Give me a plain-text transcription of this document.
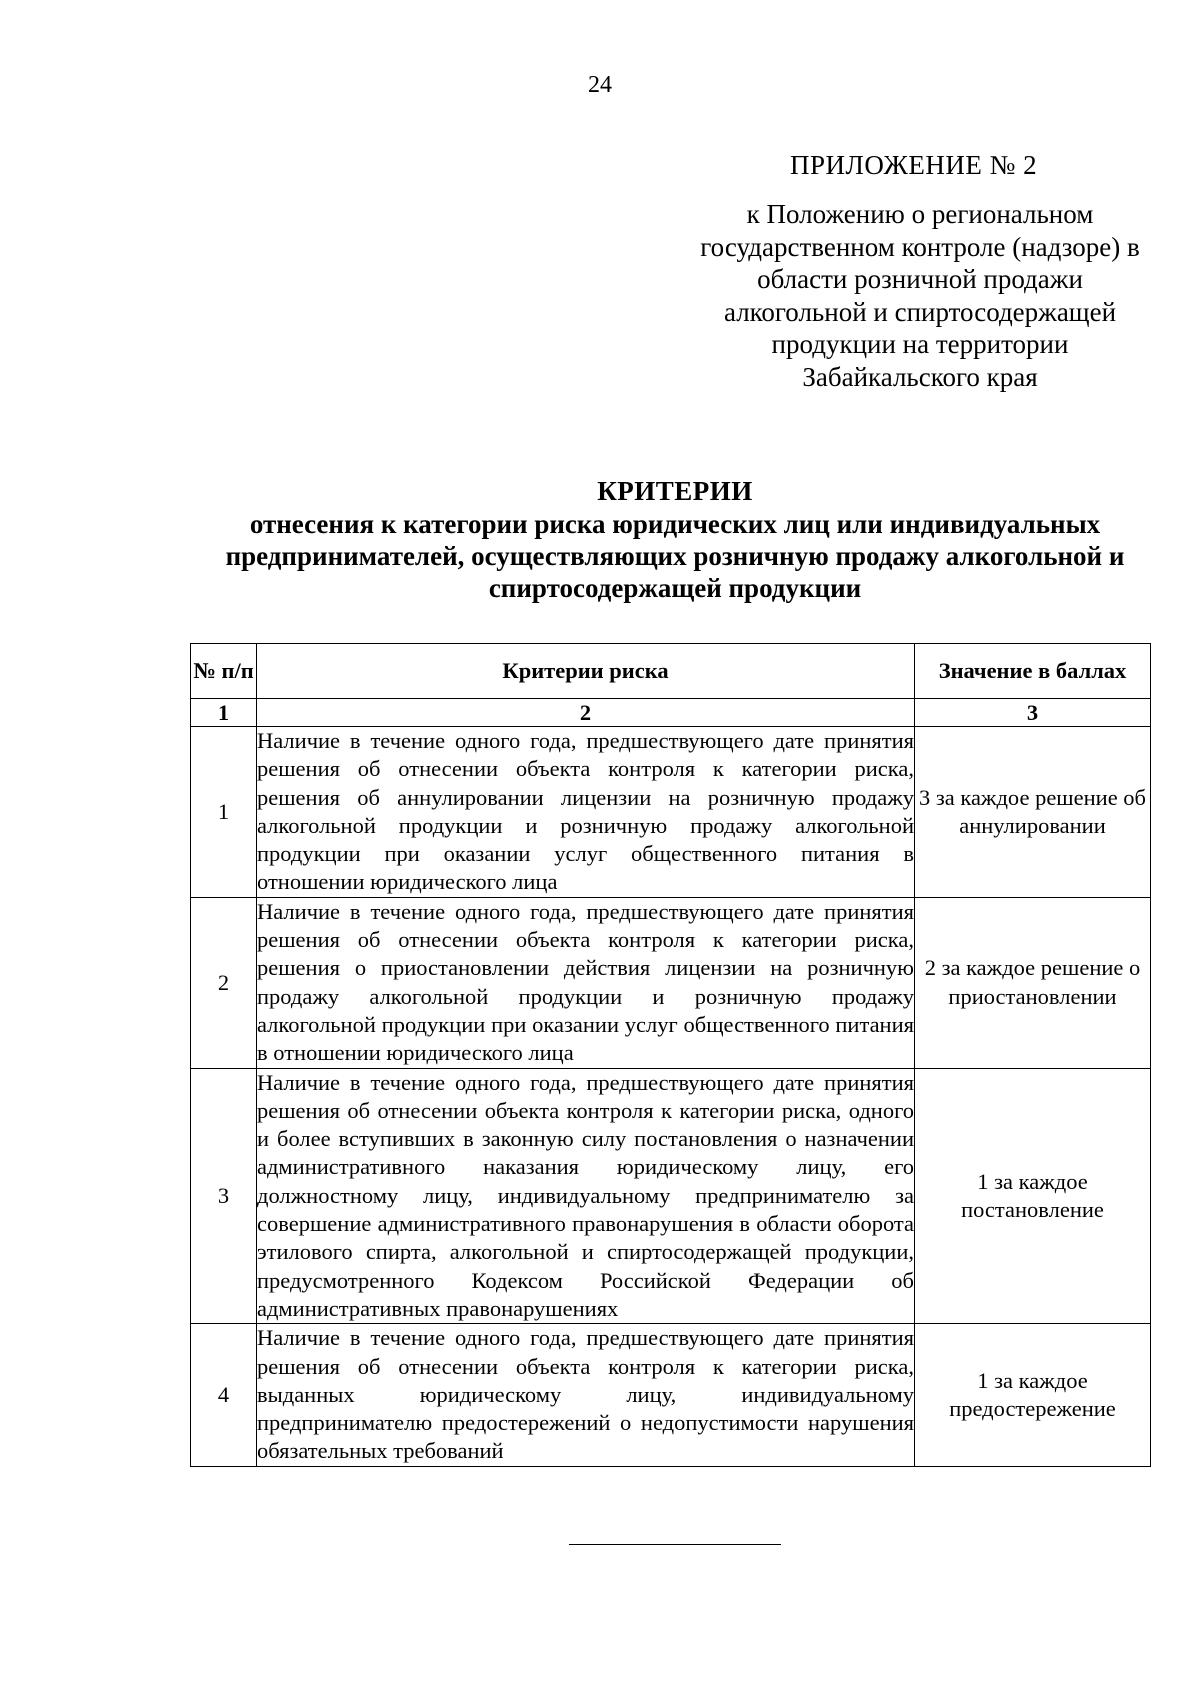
24
ПРИЛОЖЕНИЕ № 2
к Положению о региональном государственном контроле (надзоре) в области розничной продажи алкогольной и спиртосодержащей продукции на территории Забайкальского края
КРИТЕРИИ
отнесения к категории риска юридических лиц или индивидуальных предпринимателей, осуществляющих розничную продажу алкогольной и спиртосодержащей продукции
№ п/п	Критерии риска	Значение в баллах
1	2	3
1	Наличие в течение одного года, предшествующего дате принятия решения об отнесении объекта контроля к категории риска, решения об аннулировании лицензии на розничную продажу алкогольной продукции и розничную продажу алкогольной продукции при оказании услуг общественного питания в отношении юридического лица	3 за каждое решение об аннулировании
2	Наличие в течение одного года, предшествующего дате принятия решения об отнесении объекта контроля к категории риска, решения о приостановлении действия лицензии на розничную продажу алкогольной продукции и розничную продажу алкогольной продукции при оказании услуг общественного питания в отношении юридического лица	2 за каждое решение о приостановлении
3	Наличие в течение одного года, предшествующего дате принятия решения об отнесении объекта контроля к категории риска, одного и более вступивших в законную силу постановления о назначении административного наказания юридическому лицу, его должностному лицу, индивидуальному предпринимателю за совершение административного правонарушения в области оборота этилового спирта, алкогольной и спиртосодержащей продукции, предусмотренного Кодексом Российской Федерации об административных правонарушениях	1 за каждое постановление
4	Наличие в течение одного года, предшествующего дате принятия решения об отнесении объекта контроля к категории риска, выданных юридическому лицу, индивидуальному предпринимателю предостережений о недопустимости нарушения обязательных требований	1 за каждое предостережение
